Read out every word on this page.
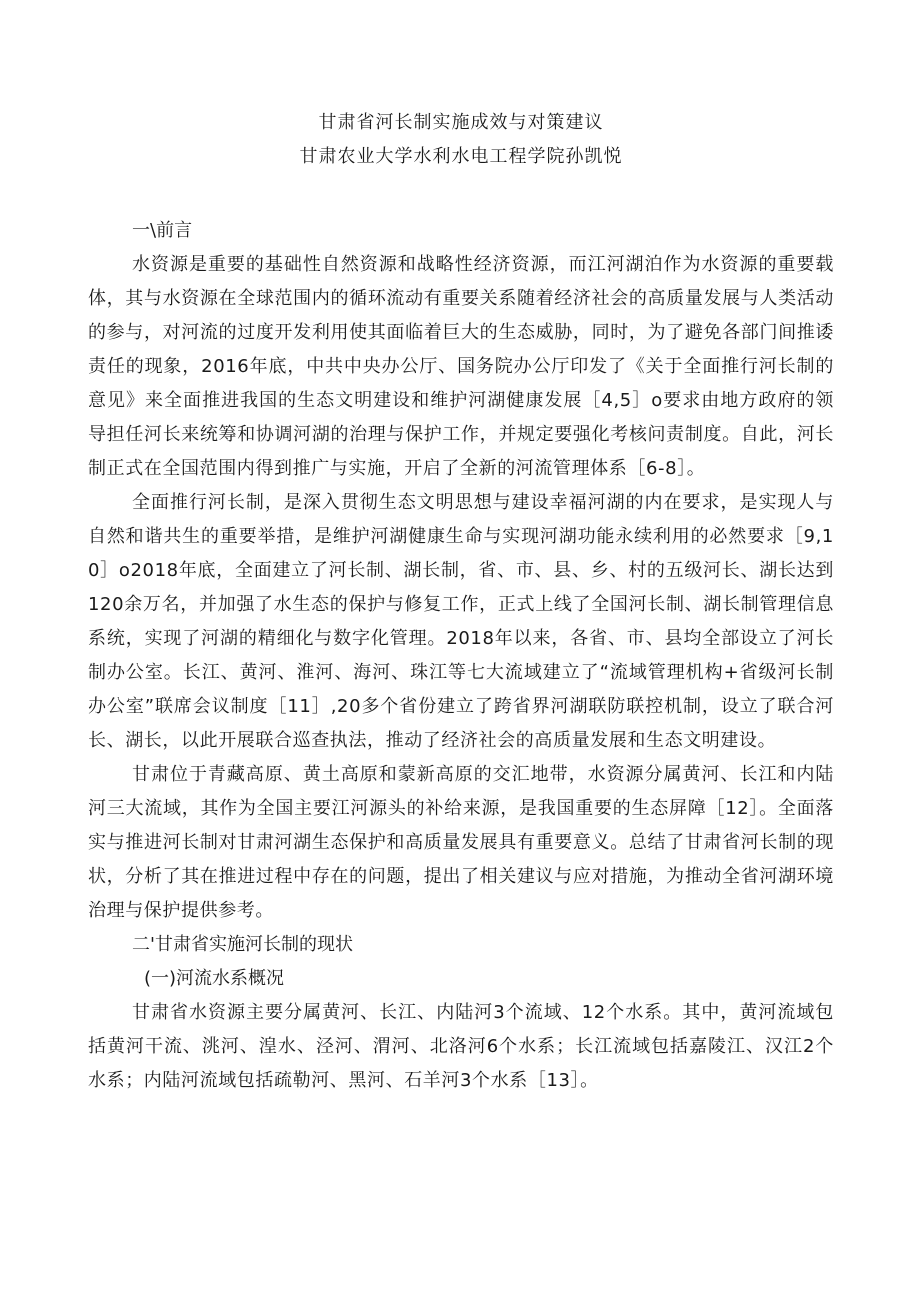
甘肃省河长制实施成效与对策建议
甘肃农业大学水利水电工程学院孙凯悦
一\前言

水资源是重要的基础性自然资源和战略性经济资源，而江河湖泊作为水资源的重要载体，其与水资源在全球范围内的循环流动有重要关系随着经济社会的高质量发展与人类活动的参与，对河流的过度开发利用使其面临着巨大的生态威胁，同时，为了避免各部门间推诿责任的现象，2016年底，中共中央办公厅、国务院办公厅印发了《关于全面推行河长制的意见》来全面推进我国的生态文明建设和维护河湖健康发展［4,5］o要求由地方政府的领导担任河长来统筹和协调河湖的治理与保护工作，并规定要强化考核问责制度。自此，河长制正式在全国范围内得到推广与实施，开启了全新的河流管理体系［6-8］。

全面推行河长制，是深入贯彻生态文明思想与建设幸福河湖的内在要求，是实现人与自然和谐共生的重要举措，是维护河湖健康生命与实现河湖功能永续利用的必然要求［9,10］o2018年底，全面建立了河长制、湖长制，省、市、县、乡、村的五级河长、湖长达到120余万名，并加强了水生态的保护与修复工作，正式上线了全国河长制、湖长制管理信息系统，实现了河湖的精细化与数字化管理。2018年以来，各省、市、县均全部设立了河长制办公室。长江、黄河、淮河、海河、珠江等七大流域建立了“流域管理机构+省级河长制办公室”联席会议制度［11］,20多个省份建立了跨省界河湖联防联控机制，设立了联合河长、湖长，以此开展联合巡查执法，推动了经济社会的高质量发展和生态文明建设。

甘肃位于青藏高原、黄土高原和蒙新高原的交汇地带，水资源分属黄河、长江和内陆河三大流域，其作为全国主要江河源头的补给来源，是我国重要的生态屏障［12］。全面落实与推进河长制对甘肃河湖生态保护和高质量发展具有重要意义。总结了甘肃省河长制的现状，分析了其在推进过程中存在的问题，提出了相关建议与应对措施，为推动全省河湖环境治理与保护提供参考。

二'甘肃省实施河长制的现状
(一)河流水系概况

甘肃省水资源主要分属黄河、长江、内陆河3个流域、12个水系。其中，黄河流域包括黄河干流、洮河、湟水、泾河、渭河、北洛河6个水系；长江流域包括嘉陵江、汉江2个水系；内陆河流域包括疏勒河、黑河、石羊河3个水系［13］。
